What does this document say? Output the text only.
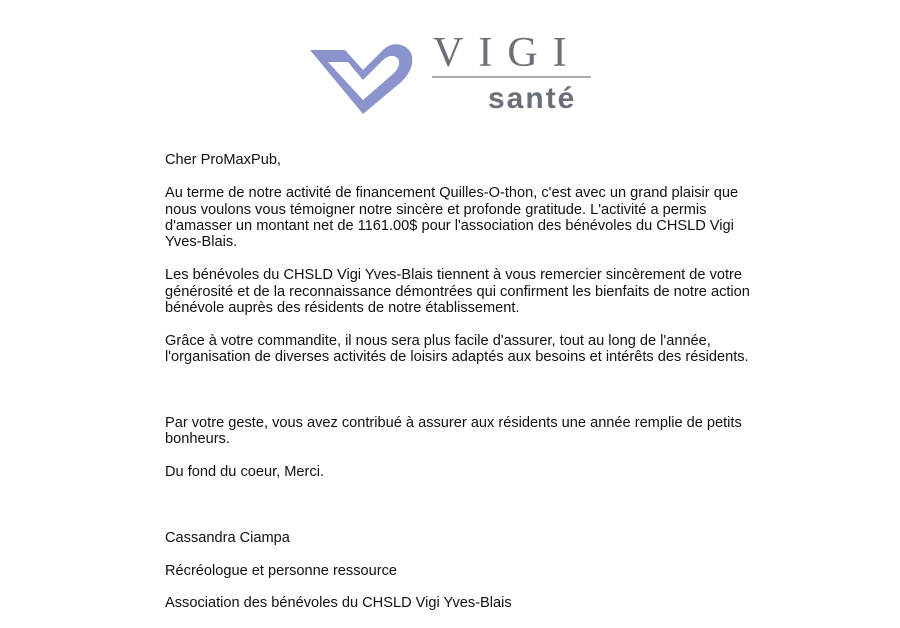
VIGI
santé

Cher ProMaxPub,

Au terme de notre activité de financement Quilles-O-thon, c'est avec un grand plaisir que nous voulons vous témoigner notre sincère et profonde gratitude. L'activité a permis d'amasser un montant net de 1161.00$ pour l'association des bénévoles du CHSLD Vigi Yves-Blais.

Les bénévoles du CHSLD Vigi Yves-Blais tiennent à vous remercier sincèrement de votre générosité et de la reconnaissance démontrées qui confirment les bienfaits de notre action bénévole auprès des résidents de notre établissement.

Grâce à votre commandite, il nous sera plus facile d'assurer, tout au long de l'année, l'organisation de diverses activités de loisirs adaptés aux besoins et intérêts des résidents.

Par votre geste, vous avez contribué à assurer aux résidents une année remplie de petits bonheurs.

Du fond du coeur, Merci.

Cassandra Ciampa

Récréologue et personne ressource

Association des bénévoles du CHSLD Vigi Yves-Blais
